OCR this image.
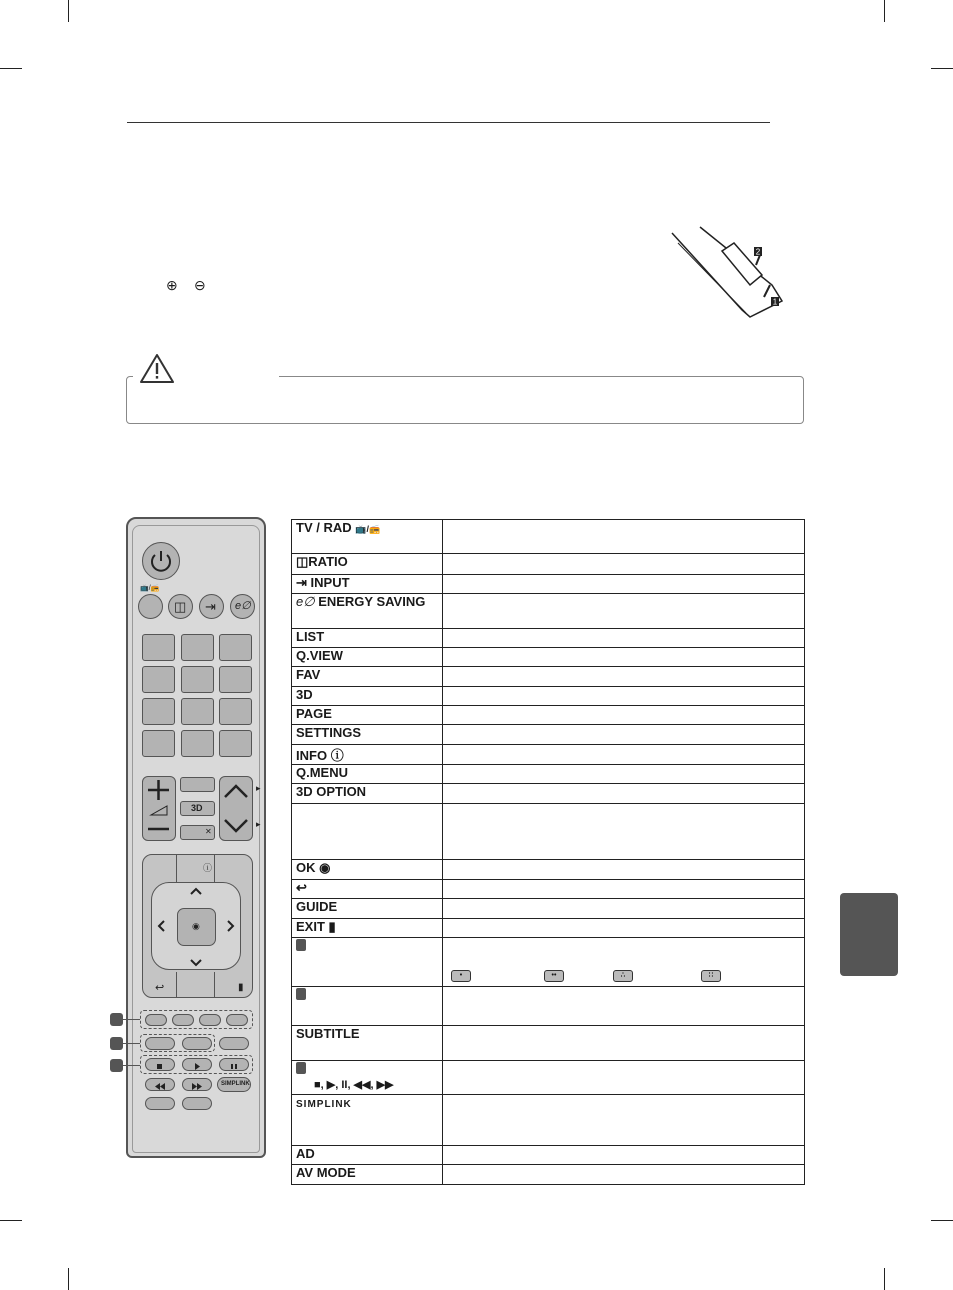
⊕ ⊖
2
1
📺/📻
◫ ⇥ e∅
3D
✕
ⓘ
◉
↩	▮
SIMPLINK
▸
▸
TV / RAD 📺/📻	
◫RATIO	
⇥ INPUT	
e∅ ENERGY SAVING	
LIST	
Q.VIEW	
FAV	
3D	
PAGE	
SETTINGS	
INFO ⓘ	
Q.MENU	
3D OPTION	

OK ◉	
↩	
GUIDE	
EXIT ▮	

	• •• ∴ ∷

SUBTITLE	

■, ▶, II, ◀◀, ▶▶	
SIMPLINK	
AD	
AV MODE	
